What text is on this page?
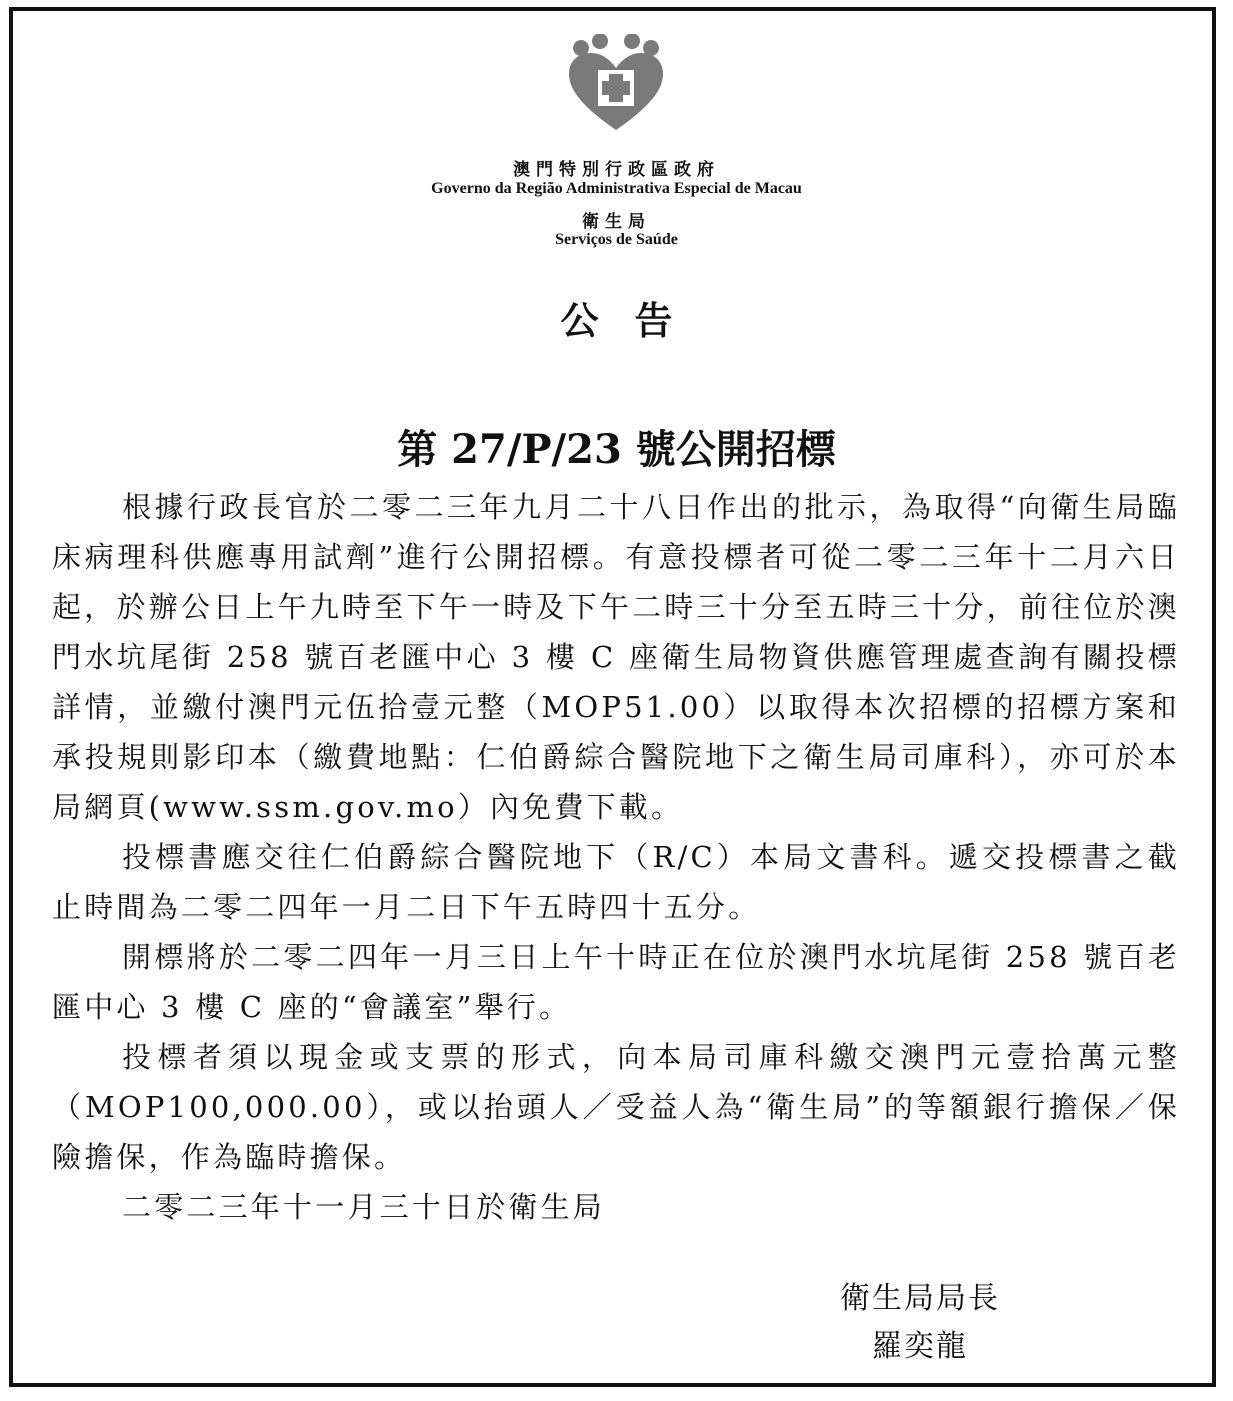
澳門特別行政區政府
Governo da Região Administrativa Especial de Macau
衛生局
Serviços de Saúde
公告
第 27/P/23 號公開招標

根據行政長官於二零二三年九月二十八日作出的批示，為取得“向衛生局臨床病理科供應專用試劑”進行公開招標。有意投標者可從二零二三年十二月六日起，於辦公日上午九時至下午一時及下午二時三十分至五時三十分，前往位於澳門水坑尾街 258 號百老匯中心 3 樓 C 座衛生局物資供應管理處查詢有關投標詳情，並繳付澳門元伍拾壹元整（MOP51.00）以取得本次招標的招標方案和承投規則影印本（繳費地點：仁伯爵綜合醫院地下之衛生局司庫科），亦可於本局網頁(www.ssm.gov.mo）內免費下載。

投標書應交往仁伯爵綜合醫院地下（R/C）本局文書科。遞交投標書之截止時間為二零二四年一月二日下午五時四十五分。

開標將於二零二四年一月三日上午十時正在位於澳門水坑尾街 258 號百老匯中心 3 樓 C 座的“會議室”舉行。

投標者須以現金或支票的形式，向本局司庫科繳交澳門元壹拾萬元整（MOP100,000.00），或以抬頭人／受益人為“衛生局”的等額銀行擔保／保險擔保，作為臨時擔保。

二零二三年十一月三十日於衛生局

衛生局局長
羅奕龍
